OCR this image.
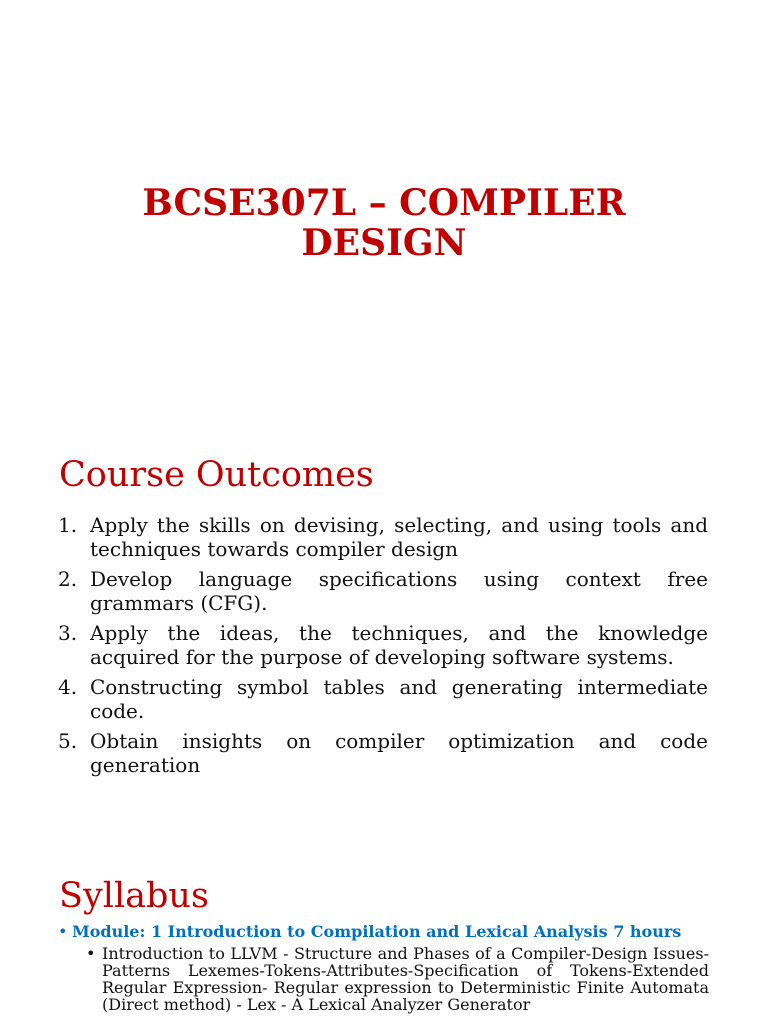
BCSE307L – COMPILER
DESIGN
Course Outcomes
1. Apply the skills on devising, selecting, and using tools and techniques towards compiler design
2. Develop language specifications using context free grammars (CFG).
3. Apply the ideas, the techniques, and the knowledge acquired for the purpose of developing software systems.
4. Constructing symbol tables and generating intermediate code.
5. Obtain insights on compiler optimization and code generation
Syllabus

• Module: 1 Introduction to Compilation and Lexical Analysis 7 hours

• Introduction to LLVM - Structure and Phases of a Compiler-Design Issues-Patterns Lexemes-Tokens-Attributes-Specification of Tokens-Extended Regular Expression- Regular expression to Deterministic Finite Automata (Direct method) - Lex - A Lexical Analyzer Generator
